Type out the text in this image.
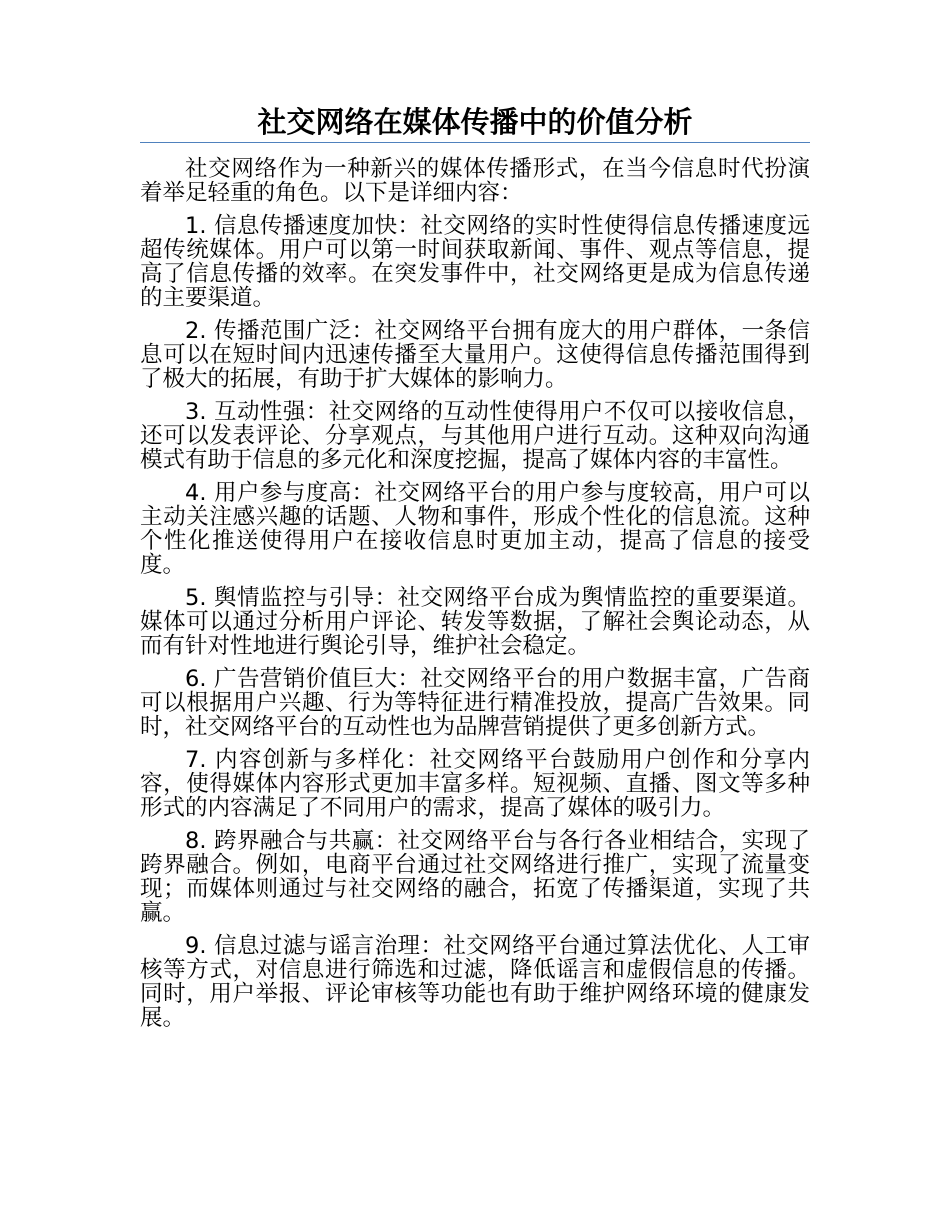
社交网络在媒体传播中的价值分析

社交网络作为一种新兴的媒体传播形式，在当今信息时代扮演着举足轻重的角色。以下是详细内容：

1. 信息传播速度加快：社交网络的实时性使得信息传播速度远超传统媒体。用户可以第一时间获取新闻、事件、观点等信息，提高了信息传播的效率。在突发事件中，社交网络更是成为信息传递的主要渠道。

2. 传播范围广泛：社交网络平台拥有庞大的用户群体，一条信息可以在短时间内迅速传播至大量用户。这使得信息传播范围得到了极大的拓展，有助于扩大媒体的影响力。

3. 互动性强：社交网络的互动性使得用户不仅可以接收信息，还可以发表评论、分享观点，与其他用户进行互动。这种双向沟通模式有助于信息的多元化和深度挖掘，提高了媒体内容的丰富性。

4. 用户参与度高：社交网络平台的用户参与度较高，用户可以主动关注感兴趣的话题、人物和事件，形成个性化的信息流。这种个性化推送使得用户在接收信息时更加主动，提高了信息的接受度。

5. 舆情监控与引导：社交网络平台成为舆情监控的重要渠道。媒体可以通过分析用户评论、转发等数据，了解社会舆论动态，从而有针对性地进行舆论引导，维护社会稳定。

6. 广告营销价值巨大：社交网络平台的用户数据丰富，广告商可以根据用户兴趣、行为等特征进行精准投放，提高广告效果。同时，社交网络平台的互动性也为品牌营销提供了更多创新方式。

7. 内容创新与多样化：社交网络平台鼓励用户创作和分享内容，使得媒体内容形式更加丰富多样。短视频、直播、图文等多种形式的内容满足了不同用户的需求，提高了媒体的吸引力。

8. 跨界融合与共赢：社交网络平台与各行各业相结合，实现了跨界融合。例如，电商平台通过社交网络进行推广，实现了流量变现；而媒体则通过与社交网络的融合，拓宽了传播渠道，实现了共赢。

9. 信息过滤与谣言治理：社交网络平台通过算法优化、人工审核等方式，对信息进行筛选和过滤，降低谣言和虚假信息的传播。同时，用户举报、评论审核等功能也有助于维护网络环境的健康发展。
